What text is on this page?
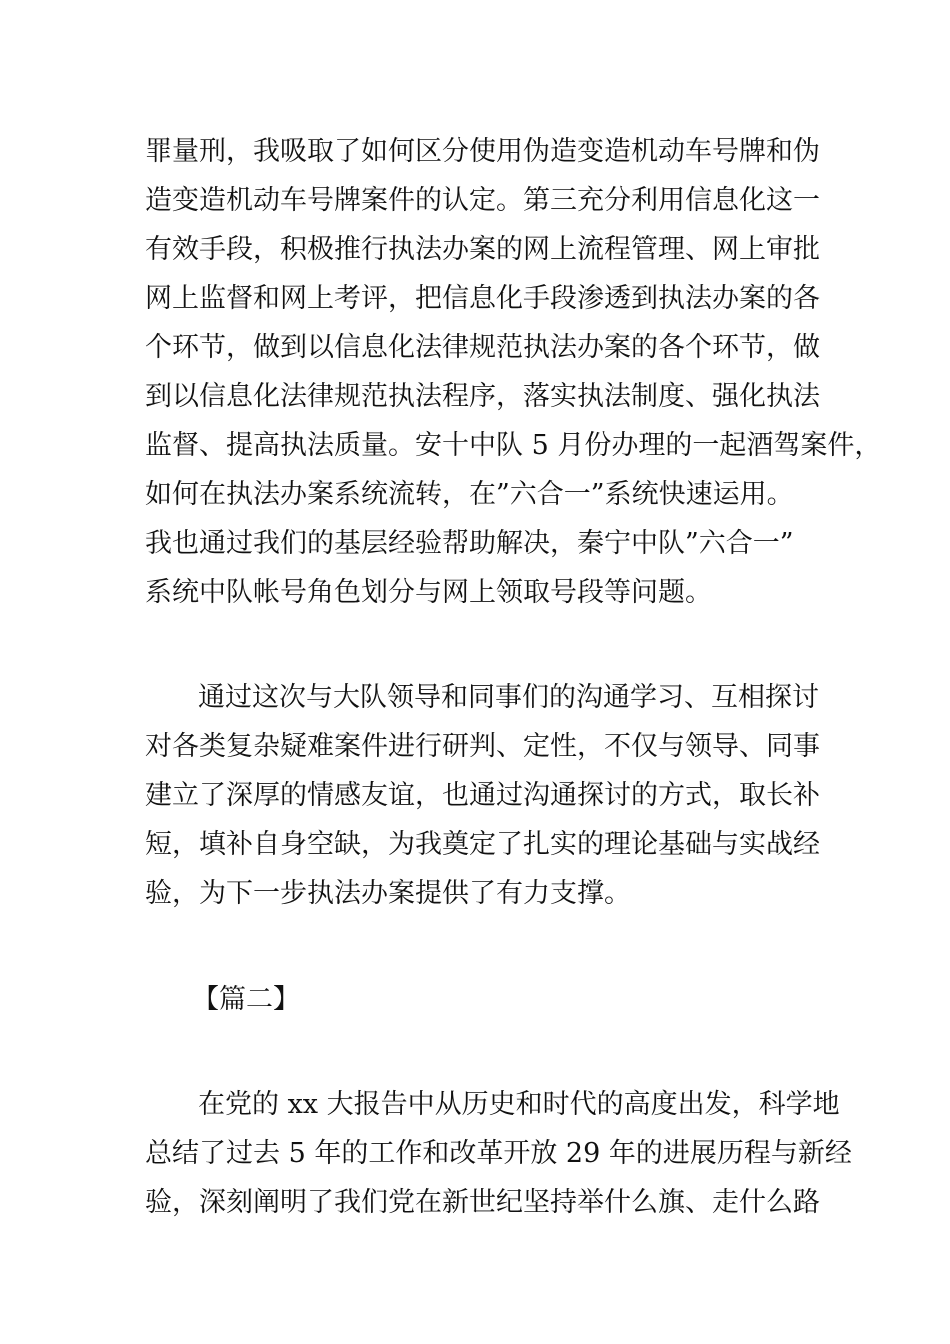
罪量刑，我吸取了如何区分使用伪造变造机动车号牌和伪

造变造机动车号牌案件的认定。第三充分利用信息化这一

有效手段，积极推行执法办案的网上流程管理、网上审批

网上监督和网上考评，把信息化手段渗透到执法办案的各

个环节，做到以信息化法律规范执法办案的各个环节，做

到以信息化法律规范执法程序，落实执法制度、强化执法

监督、提高执法质量。安十中队 5 月份办理的一起酒驾案件，

如何在执法办案系统流转，在”六合一”系统快速运用。

我也通过我们的基层经验帮助解决，秦宁中队”六合一”

系统中队帐号角色划分与网上领取号段等问题。

通过这次与大队领导和同事们的沟通学习、互相探讨

对各类复杂疑难案件进行研判、定性，不仅与领导、同事

建立了深厚的情感友谊，也通过沟通探讨的方式，取长补

短，填补自身空缺，为我奠定了扎实的理论基础与实战经

验，为下一步执法办案提供了有力支撑。

【篇二】

在党的 xx 大报告中从历史和时代的高度出发，科学地

总结了过去 5 年的工作和改革开放 29 年的进展历程与新经

验，深刻阐明了我们党在新世纪坚持举什么旗、走什么路
